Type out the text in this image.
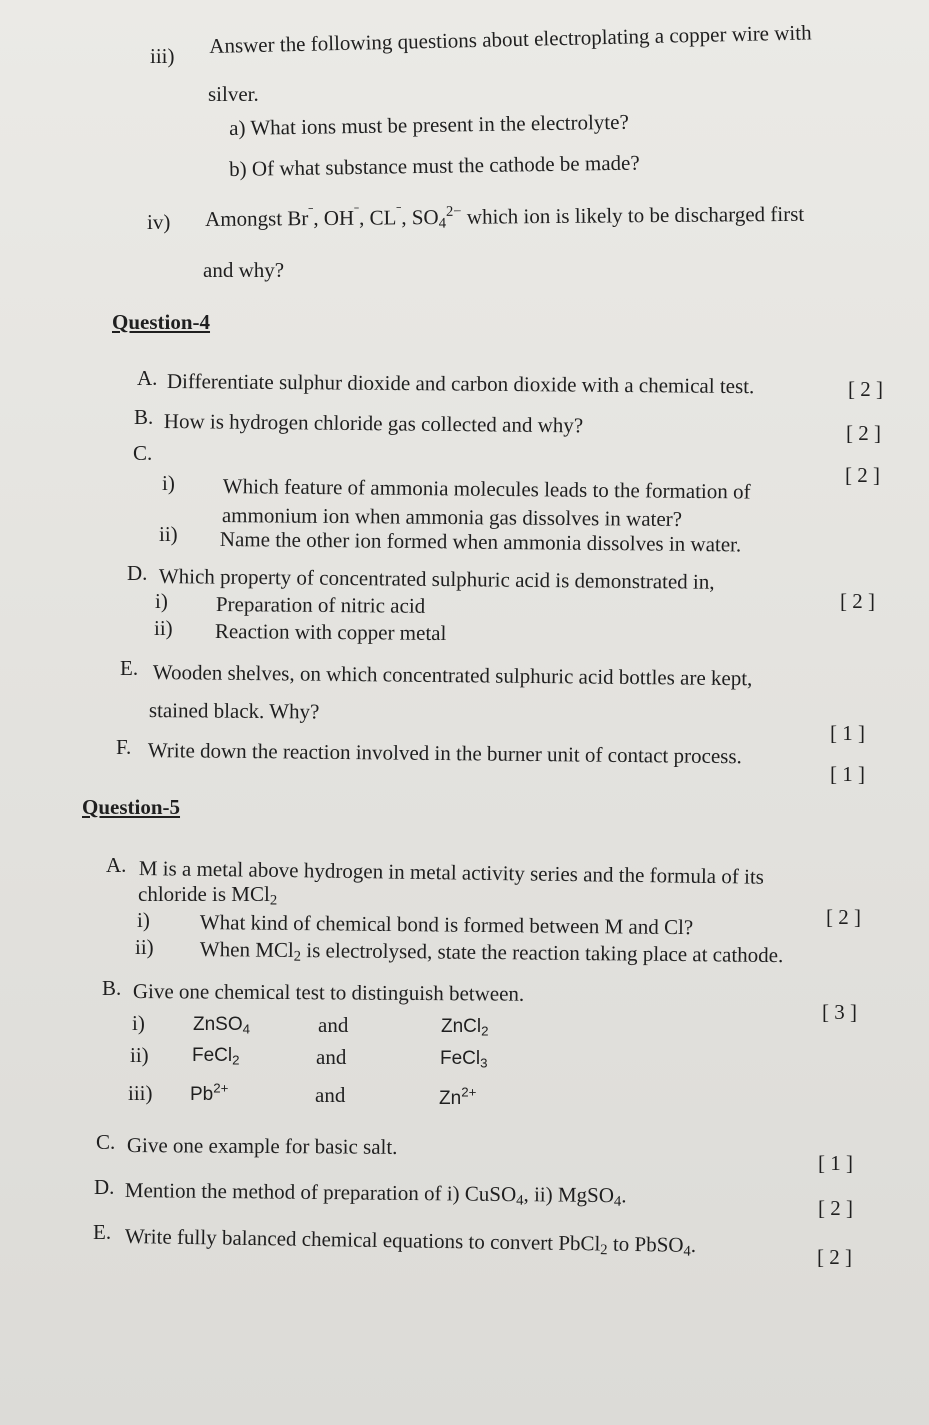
iii) Answer the following questions about electroplating a copper wire with
silver.
a) What ions must be present in the electrolyte?
b) Of what substance must the cathode be made?
iv) Amongst $Br^ˉ$, $OH^ˉ$, $CL^ˉ$, $SO_4^{2-}$ which ion is likely to be discharged first
and why?
Question-4
A. Differentiate sulphur dioxide and carbon dioxide with a chemical test.	[ 2 ]
B. How is hydrogen chloride gas collected and why?	[ 2 ]
C.
[ 2 ]
i) Which feature of ammonia molecules leads to the formation of
ammonium ion when ammonia gas dissolves in water?
ii) Name the other ion formed when ammonia dissolves in water.
D. Which property of concentrated sulphuric acid is demonstrated in,
[ 2 ]
i) Preparation of nitric acid
ii) Reaction with copper metal
E. Wooden shelves, on which concentrated sulphuric acid bottles are kept,
stained black. Why?
[ 1 ]
F. Write down the reaction involved in the burner unit of contact process.
[ 1 ]
Question-5
A. M is a metal above hydrogen in metal activity series and the formula of its
chloride is MCl$_2$
[ 2 ]
i) What kind of chemical bond is formed between M and Cl?
ii) When MCl$_2$ is electrolysed, state the reaction taking place at cathode.
B. Give one chemical test to distinguish between.
[ 3 ]
i)	ZnSO$_4$	and	ZnCl$_2$
ii) FeCl$_2$	and	FeCl$_3$
iii) $Pb^{2+}$	and	$Zn^{2+}$
C. Give one example for basic salt.
[ 1 ]
D. Mention the method of preparation of i) CuSO$_4$, ii) MgSO$_4$.
[ 2 ]
E. Write fully balanced chemical equations to convert PbCl$_2$ to PbSO$_4$.
[ 2 ]
